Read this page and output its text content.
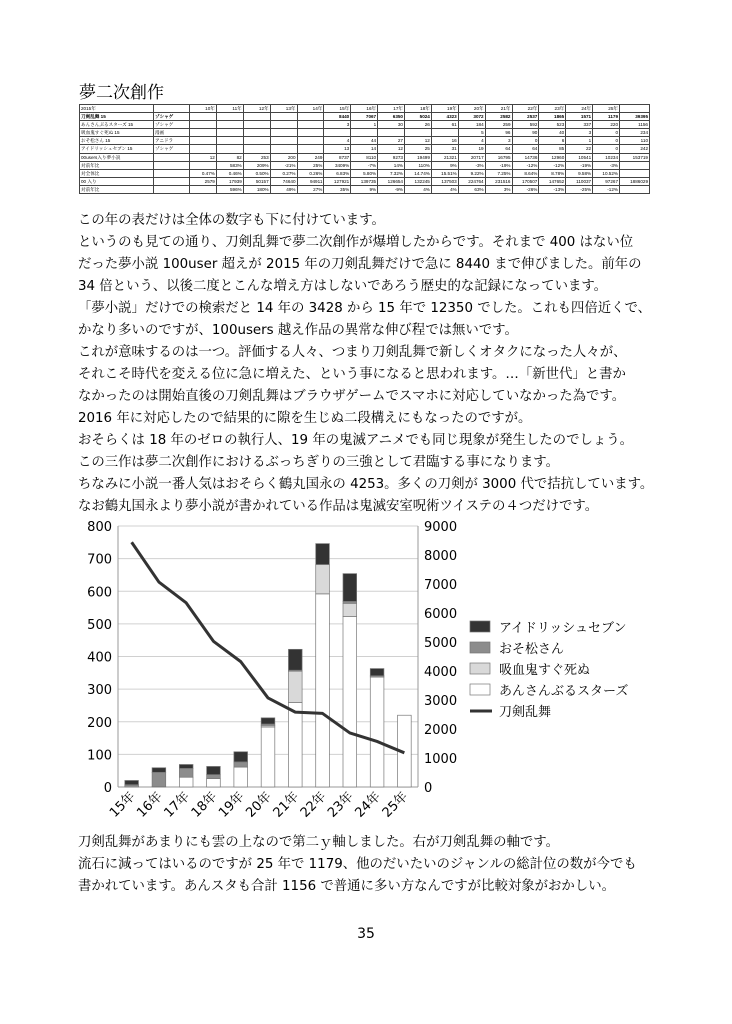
夢二次創作
2015年		10年	11年	12年	13年	14年	15年	16年	17年	18年	19年	20年	21年	22年	23年	24年	25年	
刀剣乱舞 15	ゾシャゲ						8440	7067	6350	5024	4323	3072	2582	2537	1865	1571	1179	39395
あんさんぶるスターズ 15	ゾシャゲ						3	1	30	26	61	184	259	592	523	337	220	1156
吸血鬼すぐ死ぬ 15	漫画											5	96	90	40	3	0	234
おそ松さん 15	アニドラ						4	44	27	12	16	4	3	0	6	1	0	110
アイドリッシュセブン 15	ゾシャゲ						13	14	12	25	31	19	64	64	85	22	0	242
00users入り夢小説		12	82	253	200	249	8737	8110	9273	19499	21321	20717	16795	14736	12960	10541	10234	153719
対前年比			583%	209%	-21%	25%	3409%	-7%	14%	110%	9%	-3%	-19%	-12%	-12%	-19%	-3%	
対全体比		0.47%	0.46%	0.50%	0.27%	0.26%	6.83%	5.80%	7.32%	14.74%	15.51%	9.22%	7.25%	8.64%	8.78%	9.58%	10.52%	
00 入り		2579	17939	50157	74640	94911	127921	139735	126654	132245	137503	224764	231516	170507	147652	110037	97267	1886029
対前年比			596%	180%	49%	27%	35%	9%	-9%	4%	4%	63%	3%	-26%	-13%	-25%	-12%	

この年の表だけは全体の数字も下に付けています。

というのも見ての通り、刀剣乱舞で夢二次創作が爆増したからです。それまで 400 はない位

だった夢小説 100user 超えが 2015 年の刀剣乱舞だけで急に 8440 まで伸びました。前年の

34 倍という、以後二度とこんな増え方はしないであろう歴史的な記録になっています。

「夢小説」だけでの検索だと 14 年の 3428 から 15 年で 12350 でした。これも四倍近くで、

かなり多いのですが、100users 越え作品の異常な伸び程では無いです。

これが意味するのは一つ。評価する人々、つまり刀剣乱舞で新しくオタクになった人々が、

それこそ時代を変える位に急に増えた、という事になると思われます。…「新世代」と書か

なかったのは開始直後の刀剣乱舞はブラウザゲームでスマホに対応していなかった為です。

2016 年に対応したので結果的に隙を生じぬ二段構えにもなったのですが。

おそらくは 18 年のゼロの執行人、19 年の鬼滅アニメでも同じ現象が発生したのでしょう。

この三作は夢二次創作におけるぶっちぎりの三強として君臨する事になります。

ちなみに小説一番人気はおそらく鶴丸国永の 4253。多くの刀剣が 3000 代で拮抗しています。

なお鶴丸国永より夢小説が書かれている作品は鬼滅安室呪術ツイステの４つだけです。

0
100
200
300
400
500
600
700
800
0
1000
2000
3000
4000
5000
6000
7000
8000
9000
15年
16年
17年
18年
19年
20年
21年
22年
23年
24年
25年
アイドリッシュセブン
おそ松さん
吸血鬼すぐ死ぬ
あんさんぶるスターズ
刀剣乱舞

刀剣乱舞があまりにも雲の上なので第二ｙ軸しました。右が刀剣乱舞の軸です。

流石に減ってはいるのですが 25 年で 1179、他のだいたいのジャンルの総計位の数が今でも

書かれています。あんスタも合計 1156 で普通に多い方なんですが比較対象がおかしい。

35
